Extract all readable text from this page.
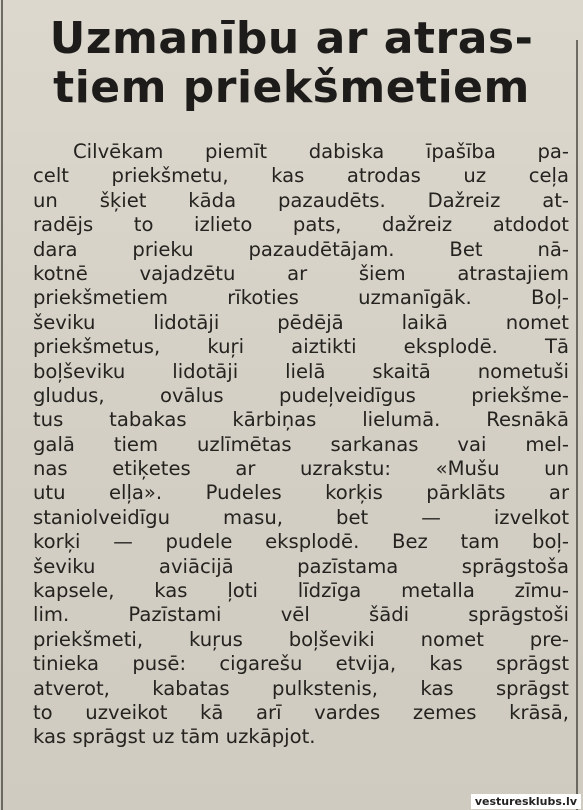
Uzmanību ar atras-
tiem priekšmetiem
Cilvēkam piemīt dabiska īpašība pa-
celt priekšmetu, kas atrodas uz ceļa
un šķiet kāda pazaudēts. Dažreiz at-
radējs to izlieto pats, dažreiz atdodot
dara prieku pazaudētājam. Bet nā-
kotnē vajadzētu ar šiem atrastajiem
priekšmetiem rīkoties uzmanīgāk. Boļ-
ševiku lidotāji pēdējā laikā nomet
priekšmetus, kuŗi aiztikti eksplodē. Tā
boļševiku lidotāji lielā skaitā nometuši
gludus, ovālus pudeļveidīgus priekšme-
tus tabakas kārbiņas lielumā. Resnākā
galā tiem uzlīmētas sarkanas vai mel-
nas etiķetes ar uzrakstu: «Mušu un
utu elļa». Pudeles korķis pārklāts ar
staniolveidīgu masu, bet — izvelkot
korķi — pudele eksplodē. Bez tam boļ-
ševiku aviācijā pazīstama sprāgstoša
kapsele, kas ļoti līdzīga metalla zīmu-
lim. Pazīstami vēl šādi sprāgstoši
priekšmeti, kuŗus boļševiki nomet pre-
tinieka pusē: cigarešu etvija, kas sprāgst
atverot, kabatas pulkstenis, kas sprāgst
to uzveikot kā arī vardes zemes krāsā,
kas sprāgst uz tām uzkāpjot.
vesturesklubs.lv
